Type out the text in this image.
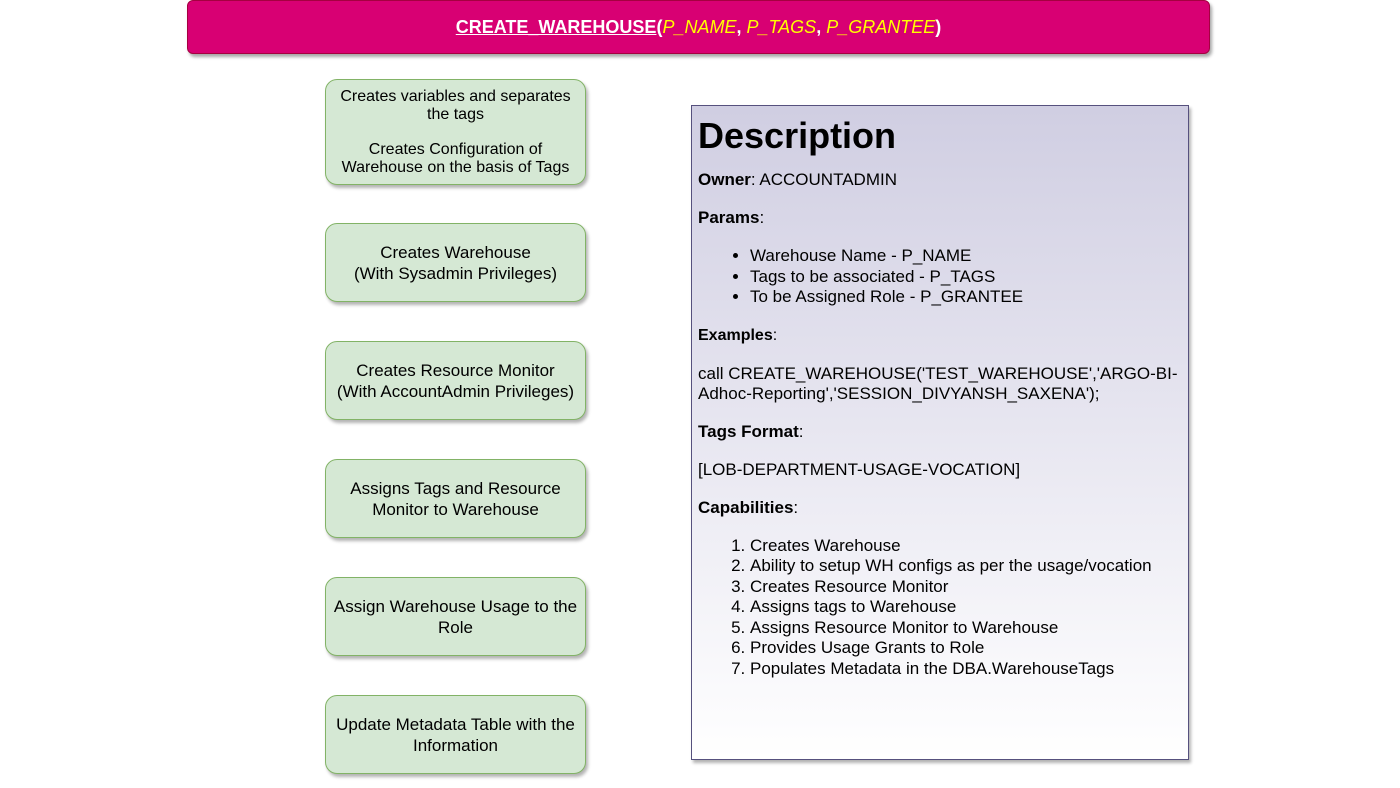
CREATE_WAREHOUSE ( P_NAME , P_TAGS , P_GRANTEE )
Creates variables and separates the tags
Creates Configuration of Warehouse on the basis of Tags
Creates Warehouse
(With Sysadmin Privileges)
Creates Resource Monitor
(With AccountAdmin Privileges)
Assigns Tags and Resource Monitor to Warehouse
Assign Warehouse Usage to the Role
Update Metadata Table with the Information
Description

Owner: ACCOUNTADMIN

Params:

• Warehouse Name - P_NAME
• Tags to be associated - P_TAGS
• To be Assigned Role - P_GRANTEE

Examples:

call CREATE_WAREHOUSE('TEST_WAREHOUSE','ARGO-BI-Adhoc-Reporting','SESSION_DIVYANSH_SAXENA');

Tags Format:

[LOB-DEPARTMENT-USAGE-VOCATION]

Capabilities:

1. Creates Warehouse
2. Ability to setup WH configs as per the usage/vocation
3. Creates Resource Monitor
4. Assigns tags to Warehouse
5. Assigns Resource Monitor to Warehouse
6. Provides Usage Grants to Role
7. Populates Metadata in the DBA.WarehouseTags
